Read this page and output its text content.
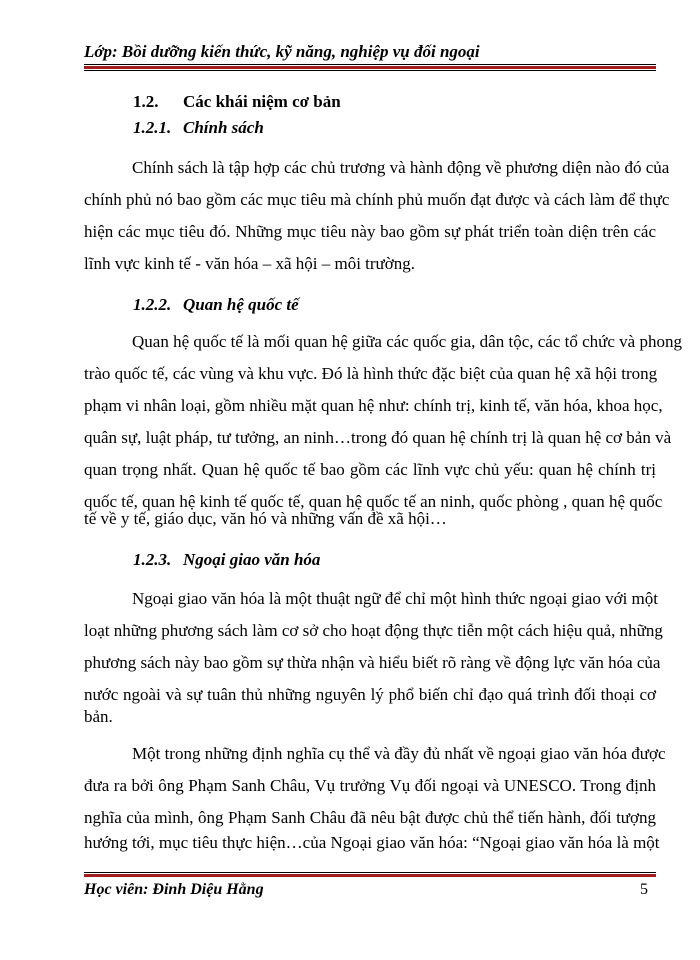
Lớp: Bồi dưỡng kiến thức, kỹ năng, nghiệp vụ đối ngoại
1.2. Các khái niệm cơ bản
1.2.1. Chính sách
Chính sách là tập hợp các chủ trương và hành động về phương diện nào đó của
chính phủ nó bao gồm các mục tiêu mà chính phủ muốn đạt được và cách làm để thực
hiện các mục tiêu đó. Những mục tiêu này bao gồm sự phát triển toàn diện trên các
lĩnh vực kinh tế - văn hóa – xã hội – môi trường.
1.2.2. Quan hệ quốc tế
Quan hệ quốc tế là mối quan hệ giữa các quốc gia, dân tộc, các tổ chức và phong
trào quốc tế, các vùng và khu vực. Đó là hình thức đặc biệt của quan hệ xã hội trong
phạm vi nhân loại, gồm nhiều mặt quan hệ như: chính trị, kinh tế, văn hóa, khoa học,
quân sự, luật pháp, tư tưởng, an ninh…trong đó quan hệ chính trị là quan hệ cơ bản và
quan trọng nhất. Quan hệ quốc tế bao gồm các lĩnh vực chủ yếu: quan hệ chính trị
quốc tế, quan hệ kinh tế quốc tế, quan hệ quốc tế an ninh, quốc phòng , quan hệ quốc
tế về y tế, giáo dục, văn hó và những vấn đề xã hội…
1.2.3. Ngoại giao văn hóa
Ngoại giao văn hóa là một thuật ngữ để chỉ một hình thức ngoại giao với một
loạt những phương sách làm cơ sở cho hoạt động thực tiễn một cách hiệu quả, những
phương sách này bao gồm sự thừa nhận và hiểu biết rõ ràng về động lực văn hóa của
nước ngoài và sự tuân thủ những nguyên lý phổ biến chỉ đạo quá trình đối thoại cơ
bản.
Một trong những định nghĩa cụ thể và đầy đủ nhất về ngoại giao văn hóa được
đưa ra bởi ông Phạm Sanh Châu, Vụ trưởng Vụ đối ngoại và UNESCO. Trong định
nghĩa của mình, ông Phạm Sanh Châu đã nêu bật được chủ thể tiến hành, đối tượng
hướng tới, mục tiêu thực hiện…của Ngoại giao văn hóa: “Ngoại giao văn hóa là một
Học viên: Đinh Diệu Hằng	5
